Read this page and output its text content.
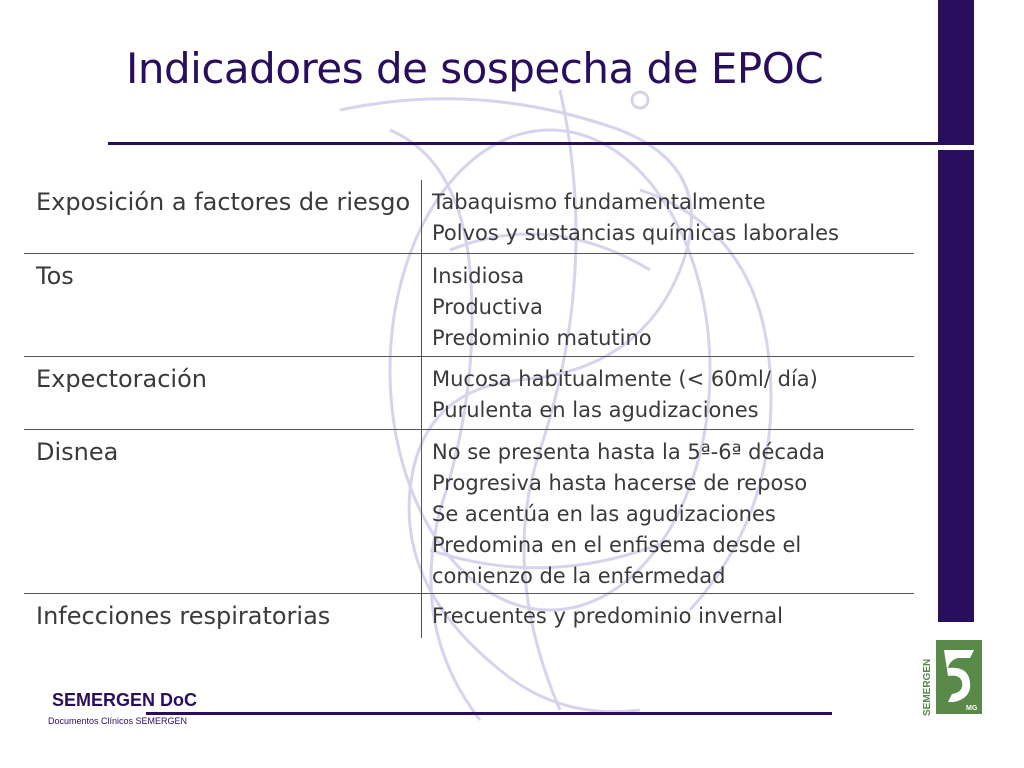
Indicadores de sospecha de EPOC
Exposición a factores de riesgo	Tabaquismo fundamentalmente
Polvos y sustancias químicas laborales
Tos	Insidiosa
Productiva
Predominio matutino
Expectoración	Mucosa habitualmente (< 60ml/ día)
Purulenta en las agudizaciones
Disnea	No se presenta hasta la 5ª-6ª década
Progresiva hasta hacerse de reposo
Se acentúa en las agudizaciones
Predomina en el enfisema desde el
comienzo de la enfermedad
Infecciones respiratorias	Frecuentes y predominio invernal
SEMERGEN DoC
Documentos Clínicos SEMERGEN
SEMERGEN	MG
